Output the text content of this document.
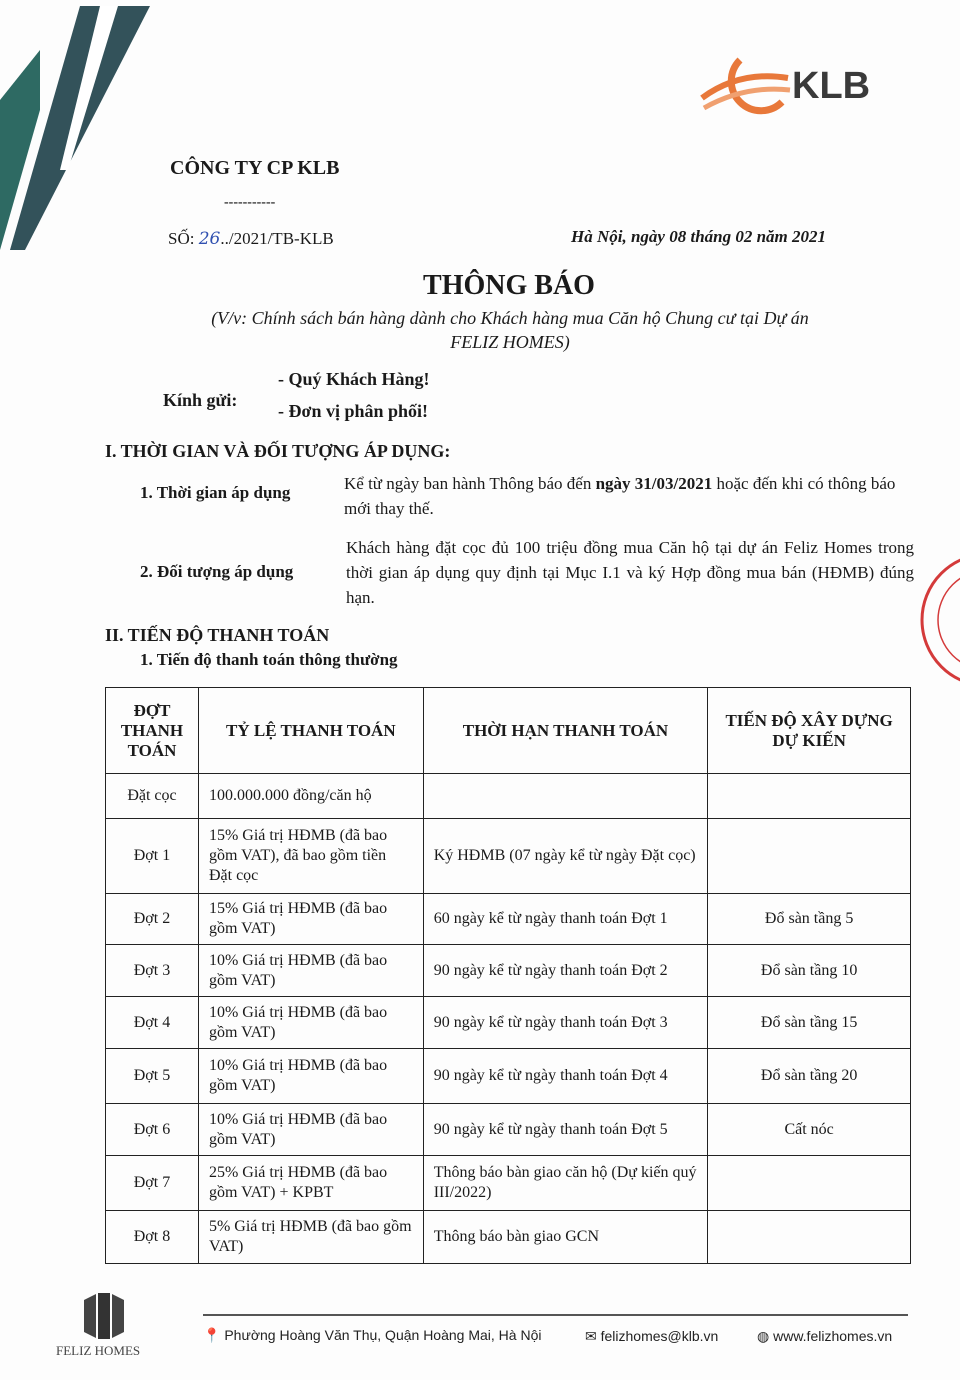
KLB
CÔNG TY CP KLB
-----------
SỐ: 26../2021/TB-KLB	Hà Nội, ngày 08 tháng 02 năm 2021
THÔNG BÁO
(V/v: Chính sách bán hàng dành cho Khách hàng mua Căn hộ Chung cư tại Dự án
FELIZ HOMES)
Kính gửi:
- Quý Khách Hàng!
- Đơn vị phân phối!
I. THỜI GIAN VÀ ĐỐI TƯỢNG ÁP DỤNG:
1. Thời gian áp dụng	Kể từ ngày ban hành Thông báo đến ngày 31/03/2021 hoặc đến khi có thông báo mới thay thế.
2. Đối tượng áp dụng
Khách hàng đặt cọc đủ 100 triệu đồng mua Căn hộ tại dự án Feliz Homes trong thời gian áp dụng quy định tại Mục I.1 và ký Hợp đồng mua bán (HĐMB) đúng hạn.
II. TIẾN ĐỘ THANH TOÁN
1. Tiến độ thanh toán thông thường
ĐỢT THANH TOÁN	TỶ LỆ THANH TOÁN	THỜI HẠN THANH TOÁN	TIẾN ĐỘ XÂY DỰNG DỰ KIẾN
Đặt cọc	100.000.000 đồng/căn hộ		
Đợt 1	15% Giá trị HĐMB (đã bao gồm VAT), đã bao gồm tiền Đặt cọc	Ký HĐMB (07 ngày kể từ ngày Đặt cọc)	
Đợt 2	15% Giá trị HĐMB (đã bao gồm VAT)	60 ngày kể từ ngày thanh toán Đợt 1	Đổ sàn tầng 5
Đợt 3	10% Giá trị HĐMB (đã bao gồm VAT)	90 ngày kể từ ngày thanh toán Đợt 2	Đổ sàn tầng 10
Đợt 4	10% Giá trị HĐMB (đã bao gồm VAT)	90 ngày kể từ ngày thanh toán Đợt 3	Đổ sàn tầng 15
Đợt 5	10% Giá trị HĐMB (đã bao gồm VAT)	90 ngày kể từ ngày thanh toán Đợt 4	Đổ sàn tầng 20
Đợt 6	10% Giá trị HĐMB (đã bao gồm VAT)	90 ngày kể từ ngày thanh toán Đợt 5	Cất nóc
Đợt 7	25% Giá trị HĐMB (đã bao gồm VAT) + KPBT	Thông báo bàn giao căn hộ (Dự kiến quý III/2022)	
Đợt 8	5% Giá trị HĐMB (đã bao gồm VAT)	Thông báo bàn giao GCN	
FELIZ HOMES
📍 Phường Hoàng Văn Thụ, Quận Hoàng Mai, Hà Nội	✉ felizhomes@klb.vn	◍ www.felizhomes.vn
